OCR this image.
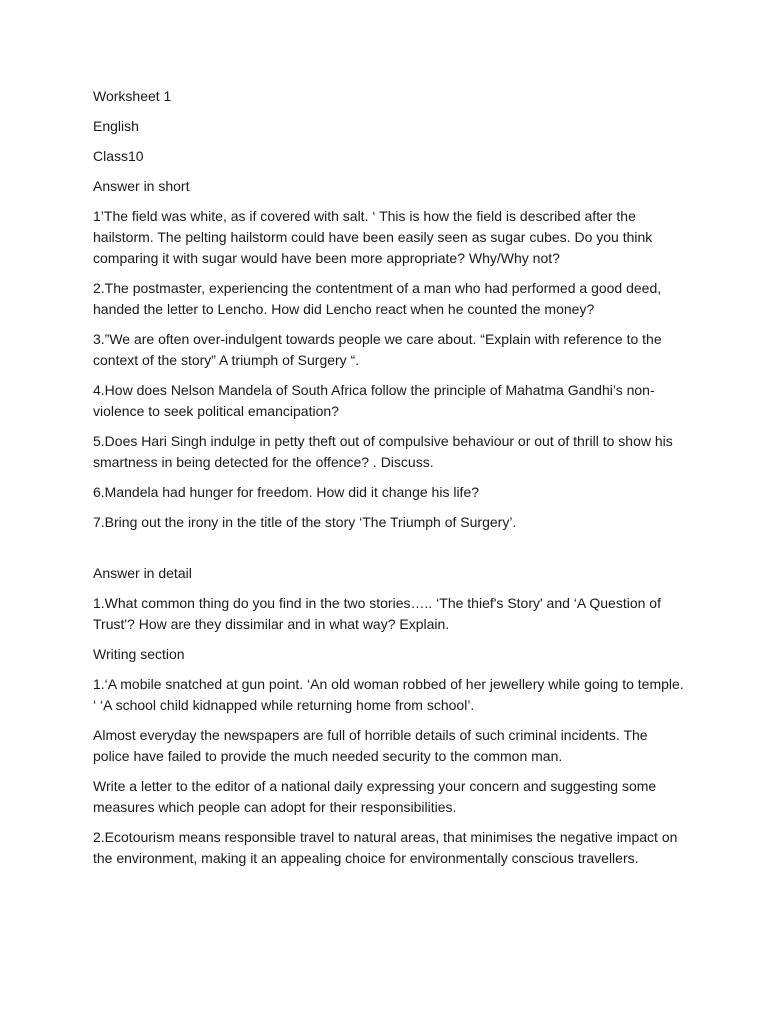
Worksheet 1

English

Class10

Answer in short

1’The field was white, as if covered with salt. ‘ This is how the field is described after the hailstorm. The pelting hailstorm could have been easily seen as sugar cubes. Do you think comparing it with sugar would have been more appropriate? Why/Why not?

2.The postmaster, experiencing the contentment of a man who had performed a good deed, handed the letter to Lencho. How did Lencho react when he counted the money?

3.”We are often over-indulgent towards people we care about. “Explain with reference to the context of the story” A triumph of Surgery “.

4.How does Nelson Mandela of South Africa follow the principle of Mahatma Gandhi’s non-violence to seek political emancipation?

5.Does Hari Singh indulge in petty theft out of compulsive behaviour or out of thrill to show his smartness in being detected for the offence? . Discuss.

6.Mandela had hunger for freedom. How did it change his life?

7.Bring out the irony in the title of the story ‘The Triumph of Surgery’.

Answer in detail

1.What common thing do you find in the two stories….. ‘The thief's Story' and ‘A Question of Trust'? How are they dissimilar and in what way? Explain.

Writing section

1.‘A mobile snatched at gun point. ‘An old woman robbed of her jewellery while going to temple. ‘ ‘A school child kidnapped while returning home from school’.

Almost everyday the newspapers are full of horrible details of such criminal incidents. The police have failed to provide the much needed security to the common man.

Write a letter to the editor of a national daily expressing your concern and suggesting some measures which people can adopt for their responsibilities.

2.Ecotourism means responsible travel to natural areas, that minimises the negative impact on the environment, making it an appealing choice for environmentally conscious travellers.
